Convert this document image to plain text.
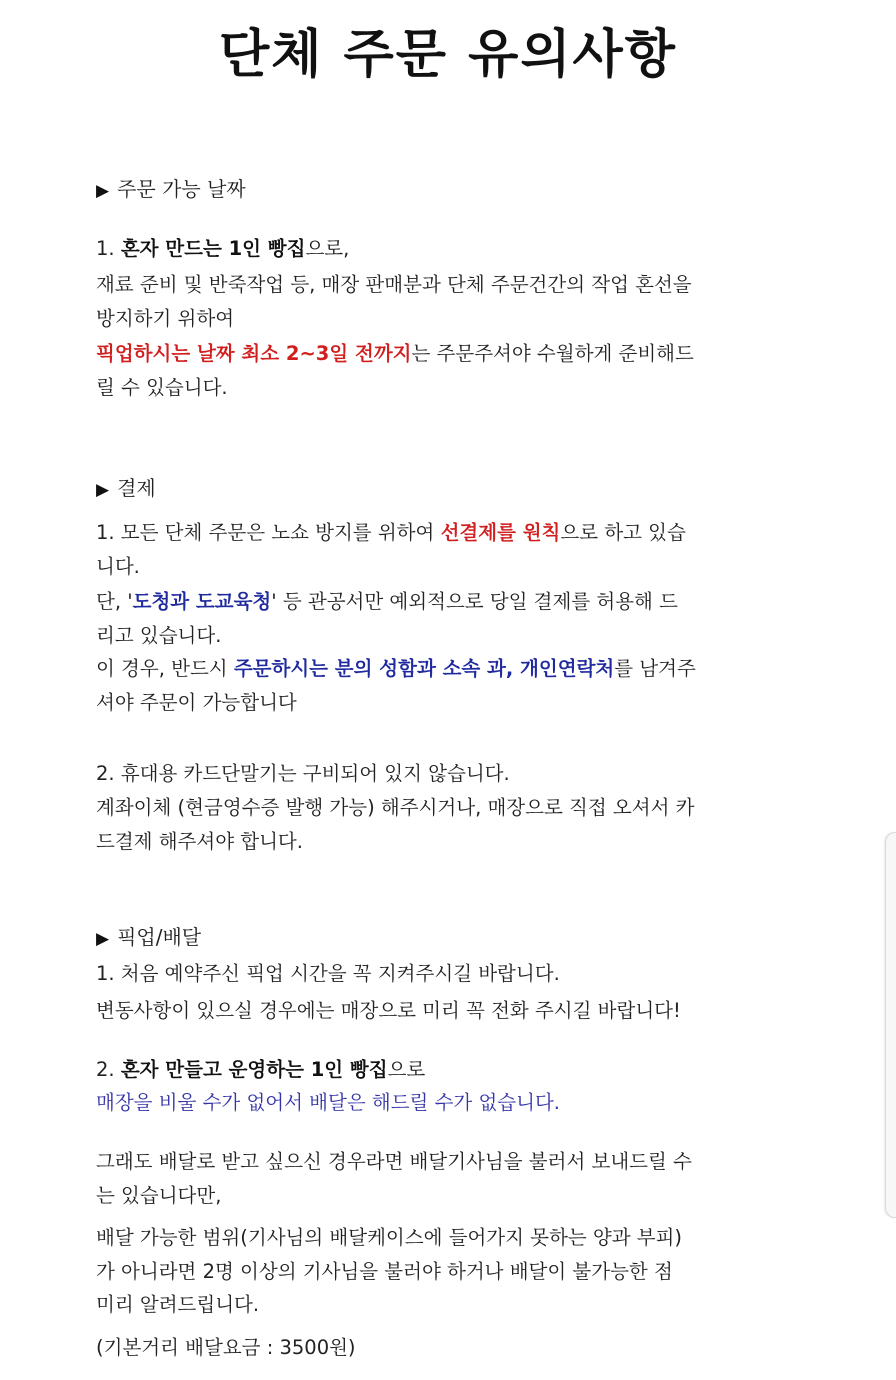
단체 주문 유의사항
▶ 주문 가능 날짜
1. 혼자 만드는 1인 빵집으로,
재료 준비 및 반죽작업 등, 매장 판매분과 단체 주문건간의 작업 혼선을
방지하기 위하여
픽업하시는 날짜 최소 2~3일 전까지는 주문주셔야 수월하게 준비해드
릴 수 있습니다.
▶ 결제
1. 모든 단체 주문은 노쇼 방지를 위하여 선결제를 원칙으로 하고 있습
니다.
단, '도청과 도교육청' 등 관공서만 예외적으로 당일 결제를 허용해 드
리고 있습니다.
이 경우, 반드시 주문하시는 분의 성함과 소속 과, 개인연락처를 남겨주
셔야 주문이 가능합니다
2. 휴대용 카드단말기는 구비되어 있지 않습니다.
계좌이체 (현금영수증 발행 가능) 해주시거나, 매장으로 직접 오셔서 카
드결제 해주셔야 합니다.
▶ 픽업/배달
1. 처음 예약주신 픽업 시간을 꼭 지켜주시길 바랍니다.
변동사항이 있으실 경우에는 매장으로 미리 꼭 전화 주시길 바랍니다!
2. 혼자 만들고 운영하는 1인 빵집으로
매장을 비울 수가 없어서 배달은 해드릴 수가 없습니다.
그래도 배달로 받고 싶으신 경우라면 배달기사님을 불러서 보내드릴 수
는 있습니다만,
배달 가능한 범위(기사님의 배달케이스에 들어가지 못하는 양과 부피)
가 아니라면 2명 이상의 기사님을 불러야 하거나 배달이 불가능한 점
미리 알려드립니다.
(기본거리 배달요금 : 3500원)
